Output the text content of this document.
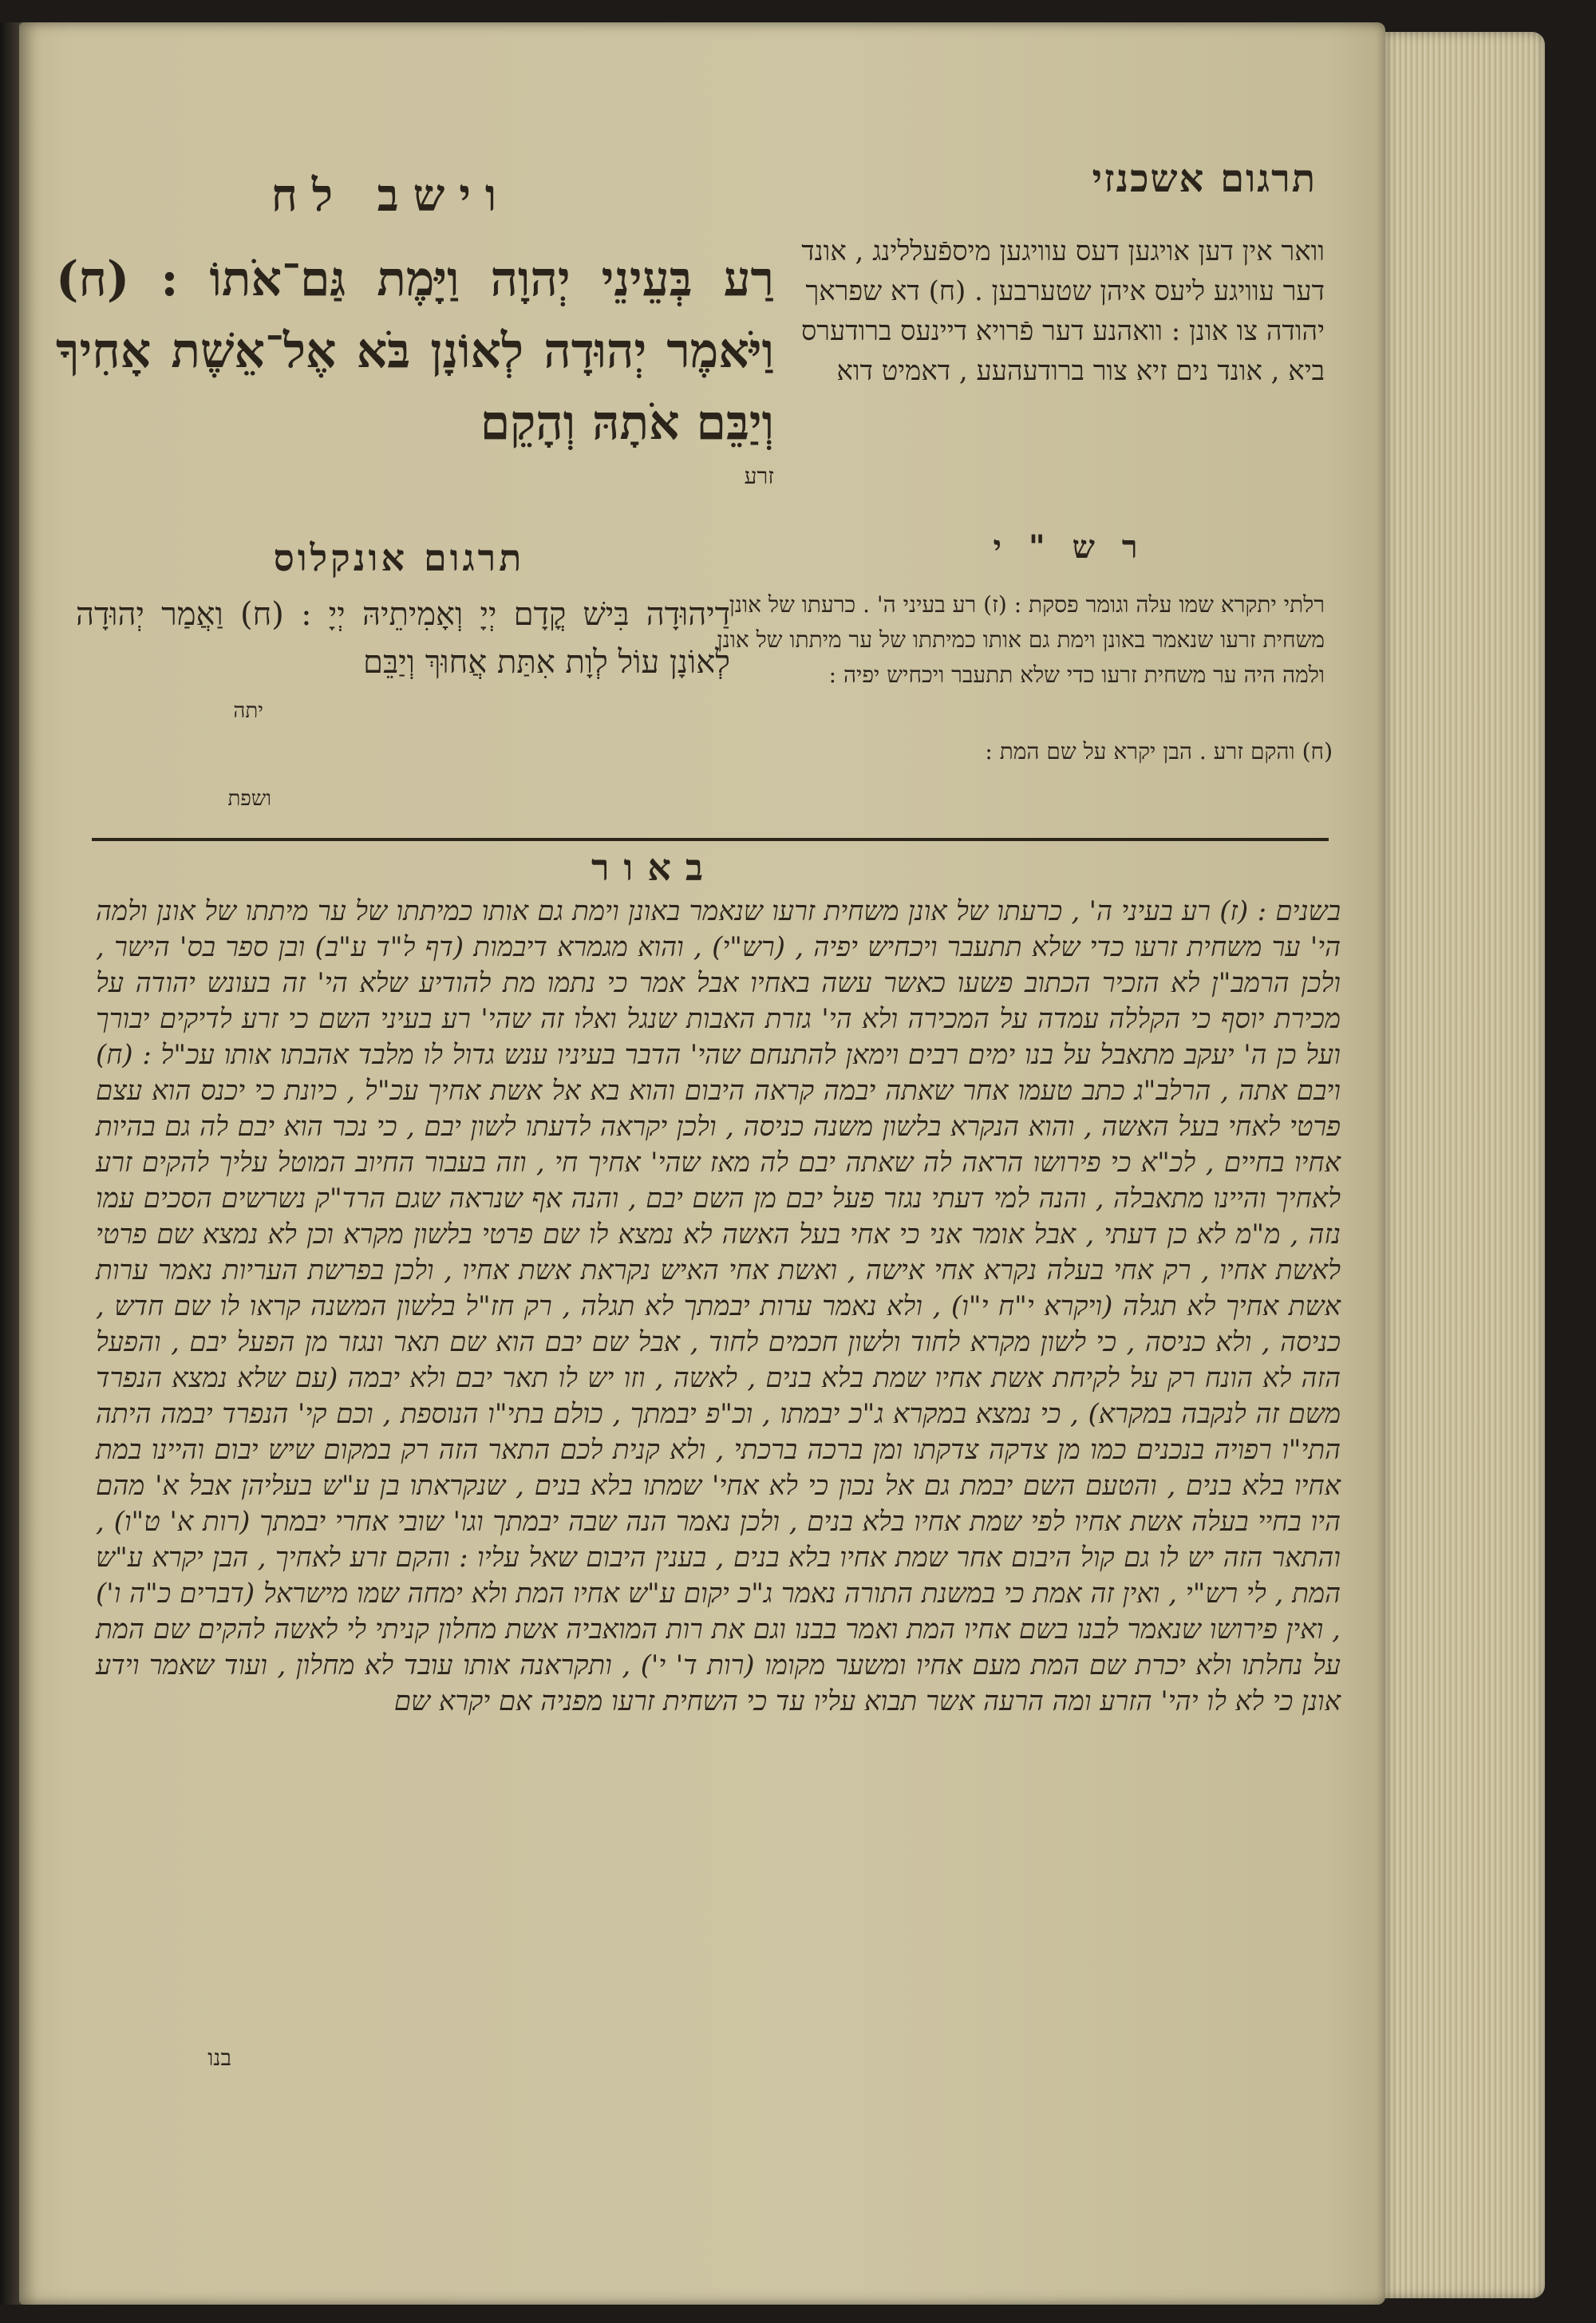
תרגום אשכנזי

וואר אין דען אויגען דעס עוויגען מיספֿעללינג , אונד דער עוויגע ליעס איהן שטערבען . (ח) דא שפראך יהודה צו אונן : וואהנע דער פֿרויא דיינעס ברודערס ביא , אונד נים זיא צור ברודעהעע , דאמיט דוא

ר ש " י

רלתי יתקרא שמו עלה וגומר פסקת : (ז) רע בעיני ה' . כרעתו של אונן משחית זרעו שנאמר באונן וימת גם אותו כמיתתו של ער מיתתו של אונן ולמה היה ער משחית זרעו כדי שלא תתעבר ויכחיש יפיה :

וישב לח

רַע בְּעֵינֵי יְהוָה וַיָּמֶת גַּם־אֹתוֹ : (ח) וַיֹּאמֶר יְהוּדָה לְאוֹנָן בֹּא אֶל־אֵשֶׁת אָחִיךָ וְיַבֵּם אֹתָהּ וְהָקֵם

זרע
תרגום אונקלוס

דַיהוּדָה בִּישׁ קֳדָם יְיָ וְאָמִיתֵיהּ יְיָ : (ח) וַאֲמַר יְהוּדָה לְאוֹנָן עוֹל לְוָת אִתַּת אֲחוּךְ וְיַבֵּם

יתה

(ח) והקם זרע . הבן יקרא על שם המת :

ושפת
באור

בשנים : (ז) רע בעיני ה' , כרעתו של אונן משחית זרעו שנאמר באונן וימת גם אותו כמיתתו של ער מיתתו של אונן ולמה הי' ער משחית זרעו כדי שלא תתעבר ויכחיש יפיה , (רש"י) , והוא מגמרא דיבמות (דף ל"ד ע"ב) ובן ספר בס' הישר , ולכן הרמב"ן לא הזכיר הכתוב פשעו כאשר עשה באחיו אבל אמר כי נתמו מת להודיע שלא הי' זה בעונש יהודה על מכירת יוסף כי הקללה עמדה על המכירה ולא הי' גזרת האבות שנגל ואלו זה שהי' רע בעיני השם כי זרע לדיקים יבורך ועל כן ה' יעקב מתאבל על בנו ימים רבים וימאן להתנחם שהי' הדבר בעיניו ענש גדול לו מלבד אהבתו אותו עכ"ל : (ח) ויבם אתה , הרלב"ג כתב טעמו אחר שאתה יבמה קראה היבום והוא בא אל אשת אחיך עכ"ל , כיונת כי יכנס הוא עצם פרטי לאחי בעל האשה , והוא הנקרא בלשון משנה כניסה , ולכן יקראה לדעתו לשון יבם , כי נכר הוא יבם לה גם בהיות אחיו בחיים , לכ"א כי פירושו הראה לה שאתה יבם לה מאז שהי' אחיך חי , וזה בעבור החיוב המוטל עליך להקים זרע לאחיך והיינו מתאבלה , והנה למי דעתי נגזר פעל יבם מן השם יבם , והנה אף שנראה שגם הרד"ק נשרשים הסכים עמו נזה , מ"מ לא כן דעתי , אבל אומר אני כי אחי בעל האשה לא נמצא לו שם פרטי בלשון מקרא וכן לא נמצא שם פרטי לאשת אחיו , רק אחי בעלה נקרא אחי אישה , ואשת אחי האיש נקראת אשת אחיו , ולכן בפרשת העריות נאמר ערות אשת אחיך לא תגלה (ויקרא י"ח י"ו) , ולא נאמר ערות יבמתך לא תגלה , רק חז"ל בלשון המשנה קראו לו שם חדש , כניסה , ולא כניסה , כי לשון מקרא לחוד ולשון חכמים לחוד , אבל שם יבם הוא שם תאר ונגזר מן הפעל יבם , והפעל הזה לא הונח רק על לקיחת אשת אחיו שמת בלא בנים , לאשה , וזו יש לו תאר יבם ולא יבמה (עם שלא נמצא הנפרד משם זה לנקבה במקרא) , כי נמצא במקרא ג"כ יבמתו , וכ"פ יבמתך , כולם בתי"ו הנוספת , וכם קי' הנפרד יבמה היתה התי"ו רפויה בנכנים כמו מן צדקה צדקתו ומן ברכה ברכתי , ולא קנית לכם התאר הזה רק במקום שיש יבום והיינו במת אחיו בלא בנים , והטעם השם יבמת גם אל נכון כי לא אחי' שמתו בלא בנים , שנקראתו בן ע"ש בעליהן אבל א' מהם היו בחיי בעלה אשת אחיו לפי שמת אחיו בלא בנים , ולכן נאמר הנה שבה יבמתך וגו' שובי אחרי יבמתך (רות א' ט"ו) , והתאר הזה יש לו גם קול היבום אחר שמת אחיו בלא בנים , בענין היבום שאל עליו : והקם זרע לאחיך , הבן יקרא ע"ש המת , לי רש"י , ואין זה אמת כי במשנת התורה נאמר ג"כ יקום ע"ש אחיו המת ולא ימחה שמו מישראל (דברים כ"ה ו') , ואין פירושו שנאמר לבנו בשם אחיו המת ואמר בבנו וגם את רות המואביה אשת מחלון קניתי לי לאשה להקים שם המת על נחלתו ולא יכרת שם המת מעם אחיו ומשער מקומו (רות ד' י') , ותקראנה אותו עובד לא מחלון , ועוד שאמר וידע אונן כי לא לו יהי' הזרע ומה הרעה אשר תבוא עליו עד כי השחית זרעו מפניה אם יקרא שם

בנו
